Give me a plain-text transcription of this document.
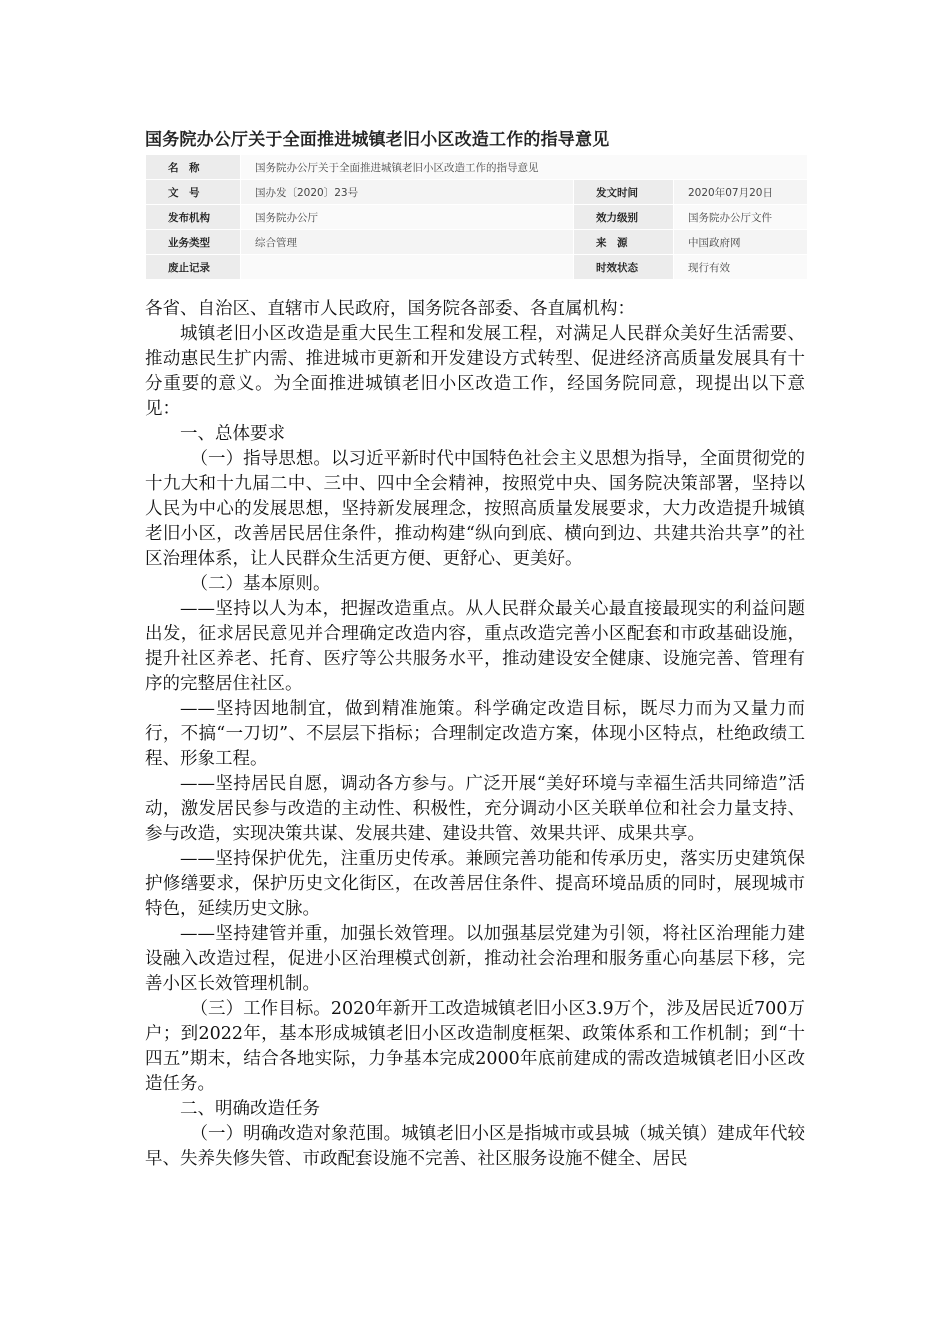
国务院办公厅关于全面推进城镇老旧小区改造工作的指导意见
名　称	国务院办公厅关于全面推进城镇老旧小区改造工作的指导意见		
文　号	国办发〔2020〕23号	发文时间	2020年07月20日
发布机构	国务院办公厅	效力级别	国务院办公厅文件
业务类型	综合管理	来　源	中国政府网
废止记录		时效状态	现行有效

各省、自治区、直辖市人民政府，国务院各部委、各直属机构：

城镇老旧小区改造是重大民生工程和发展工程，对满足人民群众美好生活需要、推动惠民生扩内需、推进城市更新和开发建设方式转型、促进经济高质量发展具有十分重要的意义。为全面推进城镇老旧小区改造工作，经国务院同意，现提出以下意见：

一、总体要求

（一）指导思想。以习近平新时代中国特色社会主义思想为指导，全面贯彻党的十九大和十九届二中、三中、四中全会精神，按照党中央、国务院决策部署，坚持以人民为中心的发展思想，坚持新发展理念，按照高质量发展要求，大力改造提升城镇老旧小区，改善居民居住条件，推动构建“纵向到底、横向到边、共建共治共享”的社区治理体系，让人民群众生活更方便、更舒心、更美好。

（二）基本原则。

——坚持以人为本，把握改造重点。从人民群众最关心最直接最现实的利益问题出发，征求居民意见并合理确定改造内容，重点改造完善小区配套和市政基础设施，提升社区养老、托育、医疗等公共服务水平，推动建设安全健康、设施完善、管理有序的完整居住社区。

——坚持因地制宜，做到精准施策。科学确定改造目标，既尽力而为又量力而行，不搞“一刀切”、不层层下指标；合理制定改造方案，体现小区特点，杜绝政绩工程、形象工程。

——坚持居民自愿，调动各方参与。广泛开展“美好环境与幸福生活共同缔造”活动，激发居民参与改造的主动性、积极性，充分调动小区关联单位和社会力量支持、参与改造，实现决策共谋、发展共建、建设共管、效果共评、成果共享。

——坚持保护优先，注重历史传承。兼顾完善功能和传承历史，落实历史建筑保护修缮要求，保护历史文化街区，在改善居住条件、提高环境品质的同时，展现城市特色，延续历史文脉。

——坚持建管并重，加强长效管理。以加强基层党建为引领，将社区治理能力建设融入改造过程，促进小区治理模式创新，推动社会治理和服务重心向基层下移，完善小区长效管理机制。

（三）工作目标。2020年新开工改造城镇老旧小区3.9万个，涉及居民近700万户；到2022年，基本形成城镇老旧小区改造制度框架、政策体系和工作机制；到“十四五”期末，结合各地实际，力争基本完成2000年底前建成的需改造城镇老旧小区改造任务。

二、明确改造任务

（一）明确改造对象范围。城镇老旧小区是指城市或县城（城关镇）建成年代较早、失养失修失管、市政配套设施不完善、社区服务设施不健全、居民
